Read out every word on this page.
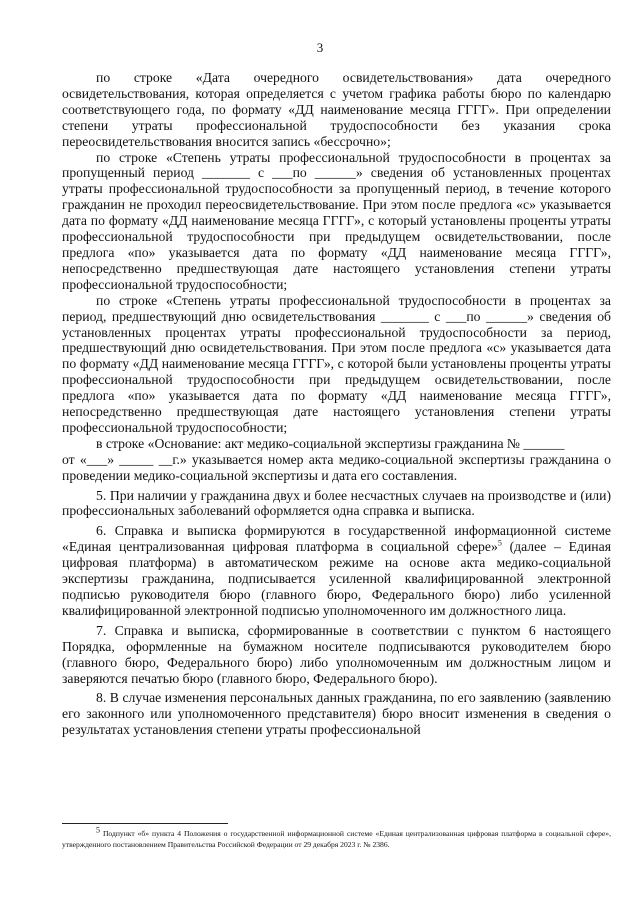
3

по строке «Дата очередного освидетельствования» дата очередного освидетельствования, которая определяется с учетом графика работы бюро по календарю соответствующего года, по формату «ДД наименование месяца ГГГГ». При определении степени утраты профессиональной трудоспособности без указания срока переосвидетельствования вносится запись «бессрочно»;

по строке «Степень утраты профессиональной трудоспособности в процентах за пропущенный период _______ с ___по ______» сведения об установленных процентах утраты профессиональной трудоспособности за пропущенный период, в течение которого гражданин не проходил переосвидетельствование. При этом после предлога «с» указывается дата по формату «ДД наименование месяца ГГГГ», с который установлены проценты утраты профессиональной трудоспособности при предыдущем освидетельствовании, после предлога «по» указывается дата по формату «ДД наименование месяца ГГГГ», непосредственно предшествующая дате настоящего установления степени утраты профессиональной трудоспособности;

по строке «Степень утраты профессиональной трудоспособности в процентах за период, предшествующий дню освидетельствования _______ с ___по ______» сведения об установленных процентах утраты профессиональной трудоспособности за период, предшествующий дню освидетельствования. При этом после предлога «с» указывается дата по формату «ДД наименование месяца ГГГГ», с которой были установлены проценты утраты профессиональной трудоспособности при предыдущем освидетельствовании, после предлога «по» указывается дата по формату «ДД наименование месяца ГГГГ», непосредственно предшествующая дате настоящего установления степени утраты профессиональной трудоспособности;

в строке «Основание: акт медико-социальной экспертизы гражданина № ______

от «___» _____ __г.» указывается номер акта медико-социальной экспертизы гражданина о проведении медико-социальной экспертизы и дата его составления.

5. При наличии у гражданина двух и более несчастных случаев на производстве и (или) профессиональных заболеваний оформляется одна справка и выписка.

6. Справка и выписка формируются в государственной информационной системе «Единая централизованная цифровая платформа в социальной сфере»$^5$ (далее – Единая цифровая платформа) в автоматическом режиме на основе акта медико-социальной экспертизы гражданина, подписывается усиленной квалифицированной электронной подписью руководителя бюро (главного бюро, Федерального бюро) либо усиленной квалифицированной электронной подписью уполномоченного им должностного лица.

7. Справка и выписка, сформированные в соответствии с пунктом 6 настоящего Порядка, оформленные на бумажном носителе подписываются руководителем бюро (главного бюро, Федерального бюро) либо уполномоченным им должностным лицом и заверяются печатью бюро (главного бюро, Федерального бюро).

8. В случае изменения персональных данных гражданина, по его заявлению (заявлению его законного или уполномоченного представителя) бюро вносит изменения в сведения о результатах установления степени утраты профессиональной

$^5$ Подпункт «б» пункта 4 Положения о государственной информационной системе «Единая централизованная цифровая платформа в социальной сфере», утвержденного постановлением Правительства Российской Федерации от 29 декабря 2023 г. № 2386.
